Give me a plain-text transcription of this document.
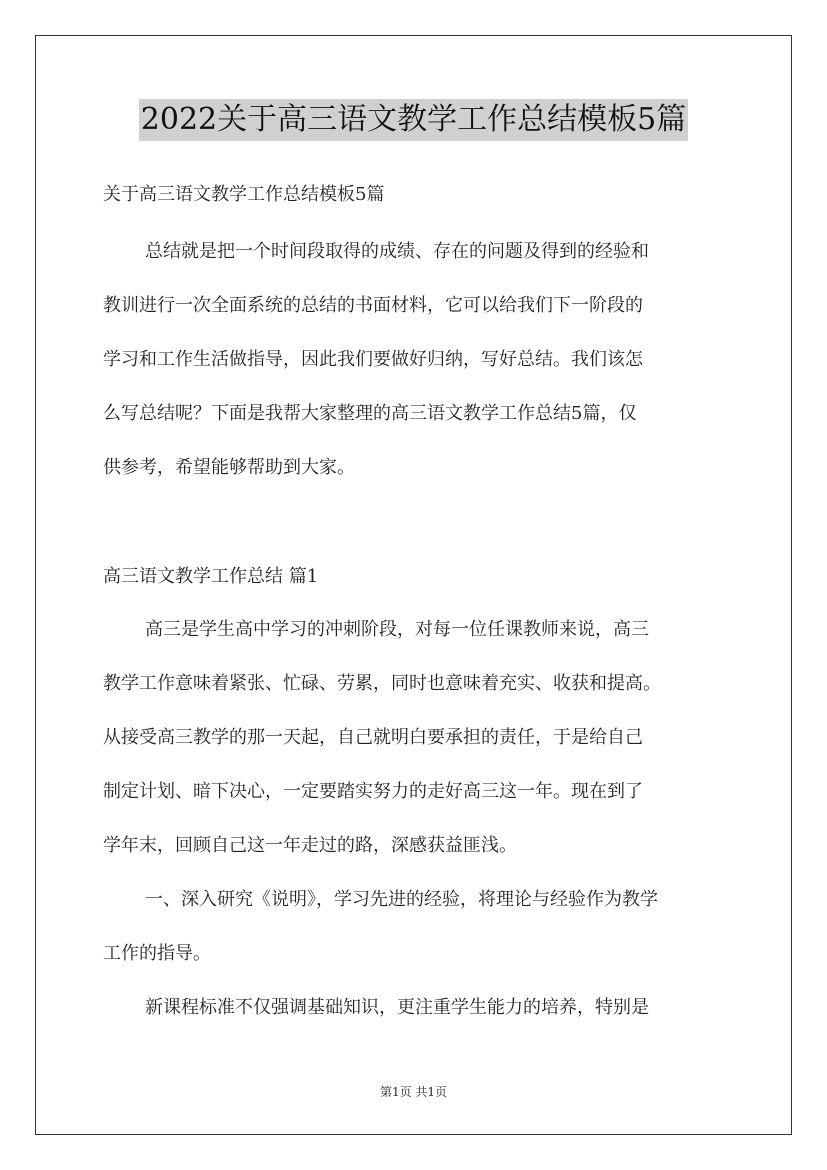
2022关于高三语文教学工作总结模板5篇
关于高三语文教学工作总结模板5篇
总结就是把一个时间段取得的成绩、存在的问题及得到的经验和
教训进行一次全面系统的总结的书面材料，它可以给我们下一阶段的
学习和工作生活做指导，因此我们要做好归纳，写好总结。我们该怎
么写总结呢？下面是我帮大家整理的高三语文教学工作总结5篇，仅
供参考，希望能够帮助到大家。
高三语文教学工作总结 篇1
高三是学生高中学习的冲刺阶段，对每一位任课教师来说，高三
教学工作意味着紧张、忙碌、劳累，同时也意味着充实、收获和提高。
从接受高三教学的那一天起，自己就明白要承担的责任，于是给自己
制定计划、暗下决心，一定要踏实努力的走好高三这一年。现在到了
学年末，回顾自己这一年走过的路，深感获益匪浅。
一、深入研究《说明》，学习先进的经验，将理论与经验作为教学
工作的指导。
新课程标准不仅强调基础知识，更注重学生能力的培养，特别是
第1页 共1页
